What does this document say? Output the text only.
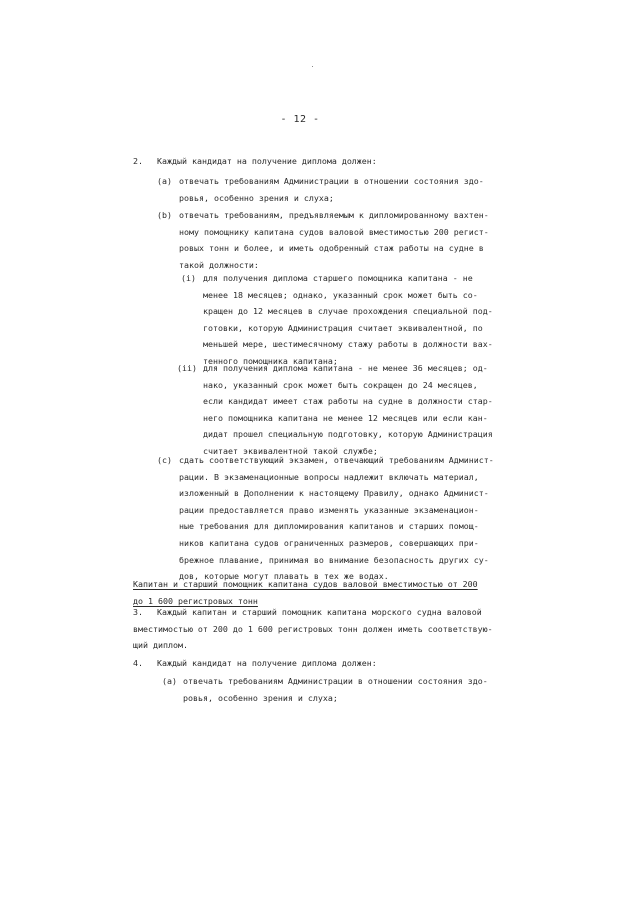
- 12 -
2. Каждый кандидат на получение диплома должен:
(a) отвечать требованиям Администрации в отношении состояния здо-
ровья, особенно зрения и слуха;
(b) отвечать требованиям, предъявляемым к дипломированному вахтен-
ному помощнику капитана судов валовой вместимостью 200 регист-
ровых тонн и более, и иметь одобренный стаж работы на судне в
такой должности:
(i) для получения диплома старшего помощника капитана - не
менее 18 месяцев; однако, указанный срок может быть со-
кращен до 12 месяцев в случае прохождения специальной под-
готовки, которую Администрация считает эквивалентной, по
меньшей мере, шестимесячному стажу работы в должности вах-
тенного помощника капитана;
(ii) для получения диплома капитана - не менее 36 месяцев; од-
нако, указанный срок может быть сокращен до 24 месяцев,
если кандидат имеет стаж работы на судне в должности стар-
него помощника капитана не менее 12 месяцев или если кан-
дидат прошел специальную подготовку, которую Администрация
считает эквивалентной такой службе;
(c) сдать соответствующий экзамен, отвечающий требованиям Админист-
рации. В экзаменационные вопросы надлежит включать материал,
изложенный в Дополнении к настоящему Правилу, однако Админист-
рации предоставляется право изменять указанные экзаменацион-
ные требования для дипломирования капитанов и старших помощ-
ников капитана судов ограниченных размеров, совершающих при-
брежное плавание, принимая во внимание безопасность других су-
дов, которые могут плавать в тех же водах.
Капитан и старший помощник капитана судов валовой вместимостью от 200
до 1 600 регистровых тонн
3.	Каждый капитан и старший помощник капитана морского судна валовой
вместимостью от 200 до 1 600 регистровых тонн должен иметь соответствую-
щий диплом.
4. Каждый кандидат на получение диплома должен:
(a) отвечать требованиям Администрации в отношении состояния здо-
ровья, особенно зрения и слуха;
